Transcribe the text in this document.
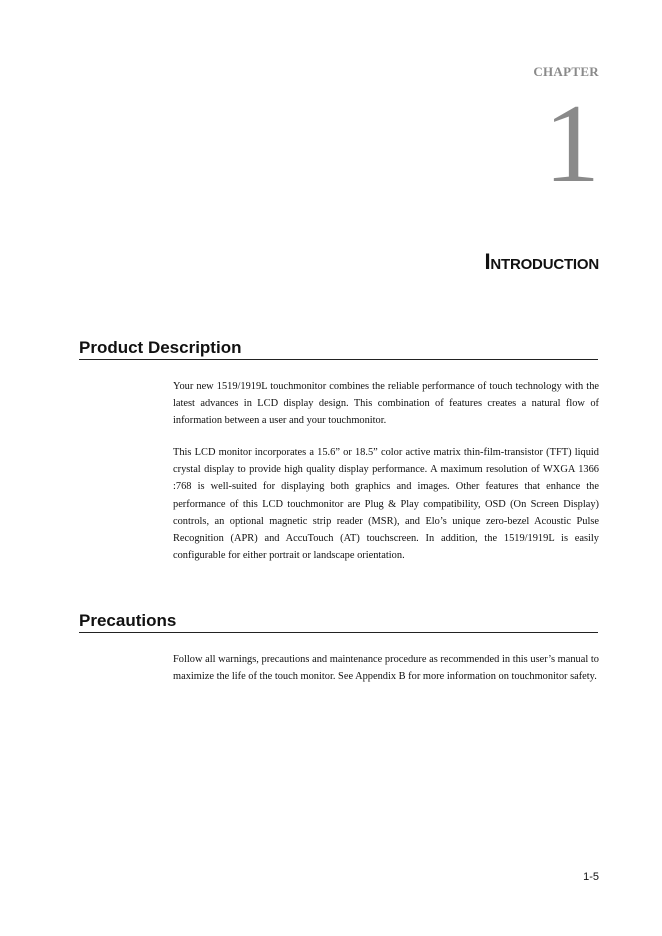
CHAPTER
1
Introduction
Product Description

Your new 1519/1919L touchmonitor combines the reliable performance of touch technology with the latest advances in LCD display design. This combination of features creates a natural flow of information between a user and your touchmonitor.

This LCD monitor incorporates a 15.6” or 18.5” color active matrix thin-film-transistor (TFT) liquid crystal display to provide high quality display performance. A maximum resolution of WXGA 1366 :768 is well-suited for displaying both graphics and images. Other features that enhance the performance of this LCD touchmonitor are Plug & Play compatibility, OSD (On Screen Display) controls, an optional magnetic strip reader (MSR), and Elo’s unique zero-bezel Acoustic Pulse Recognition (APR) and AccuTouch (AT) touchscreen. In addition, the 1519/1919L is easily configurable for either portrait or landscape orientation.

Precautions

Follow all warnings, precautions and maintenance procedure as recommended in this user’s manual to maximize the life of the touch monitor. See Appendix B for more information on touchmonitor safety.

1-5
